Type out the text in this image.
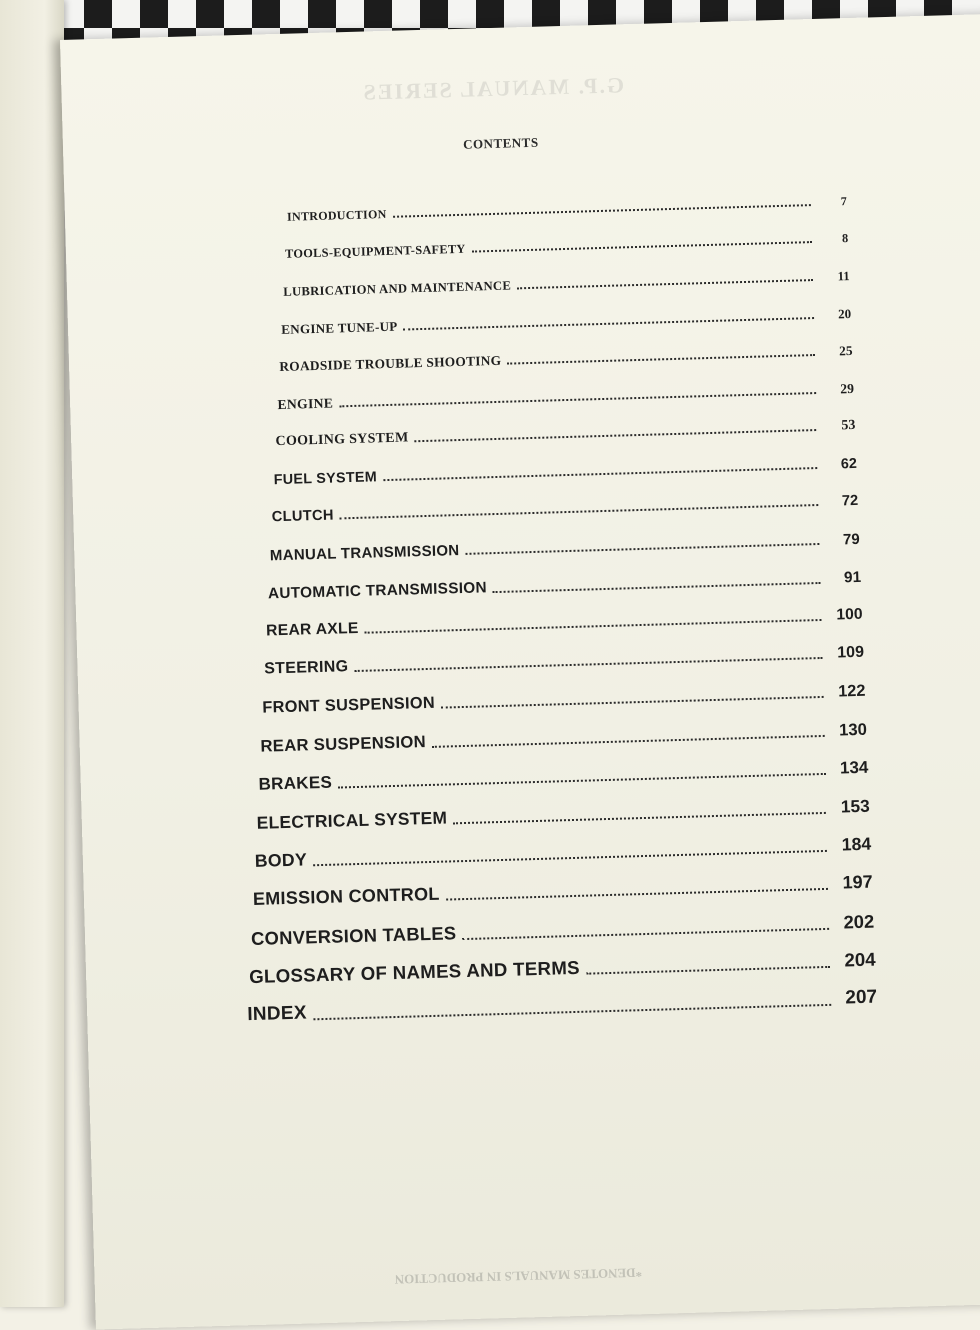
G.P. MANUAL SERIES
CONTENTS
INTRODUCTION
7
TOOLS-EQUIPMENT-SAFETY
8
LUBRICATION AND MAINTENANCE
11
ENGINE TUNE-UP
20
ROADSIDE TROUBLE SHOOTING
25
ENGINE
29
COOLING SYSTEM
53
FUEL SYSTEM
62
CLUTCH
72
MANUAL TRANSMISSION
79
AUTOMATIC TRANSMISSION
91
REAR AXLE
100
STEERING
109
FRONT SUSPENSION
122
REAR SUSPENSION
130
BRAKES
134
ELECTRICAL SYSTEM
153
BODY
184
EMISSION CONTROL
197
CONVERSION TABLES
202
GLOSSARY OF NAMES AND TERMS	204
INDEX
207
*DENOTES MANUALS IN PRODUCTION
